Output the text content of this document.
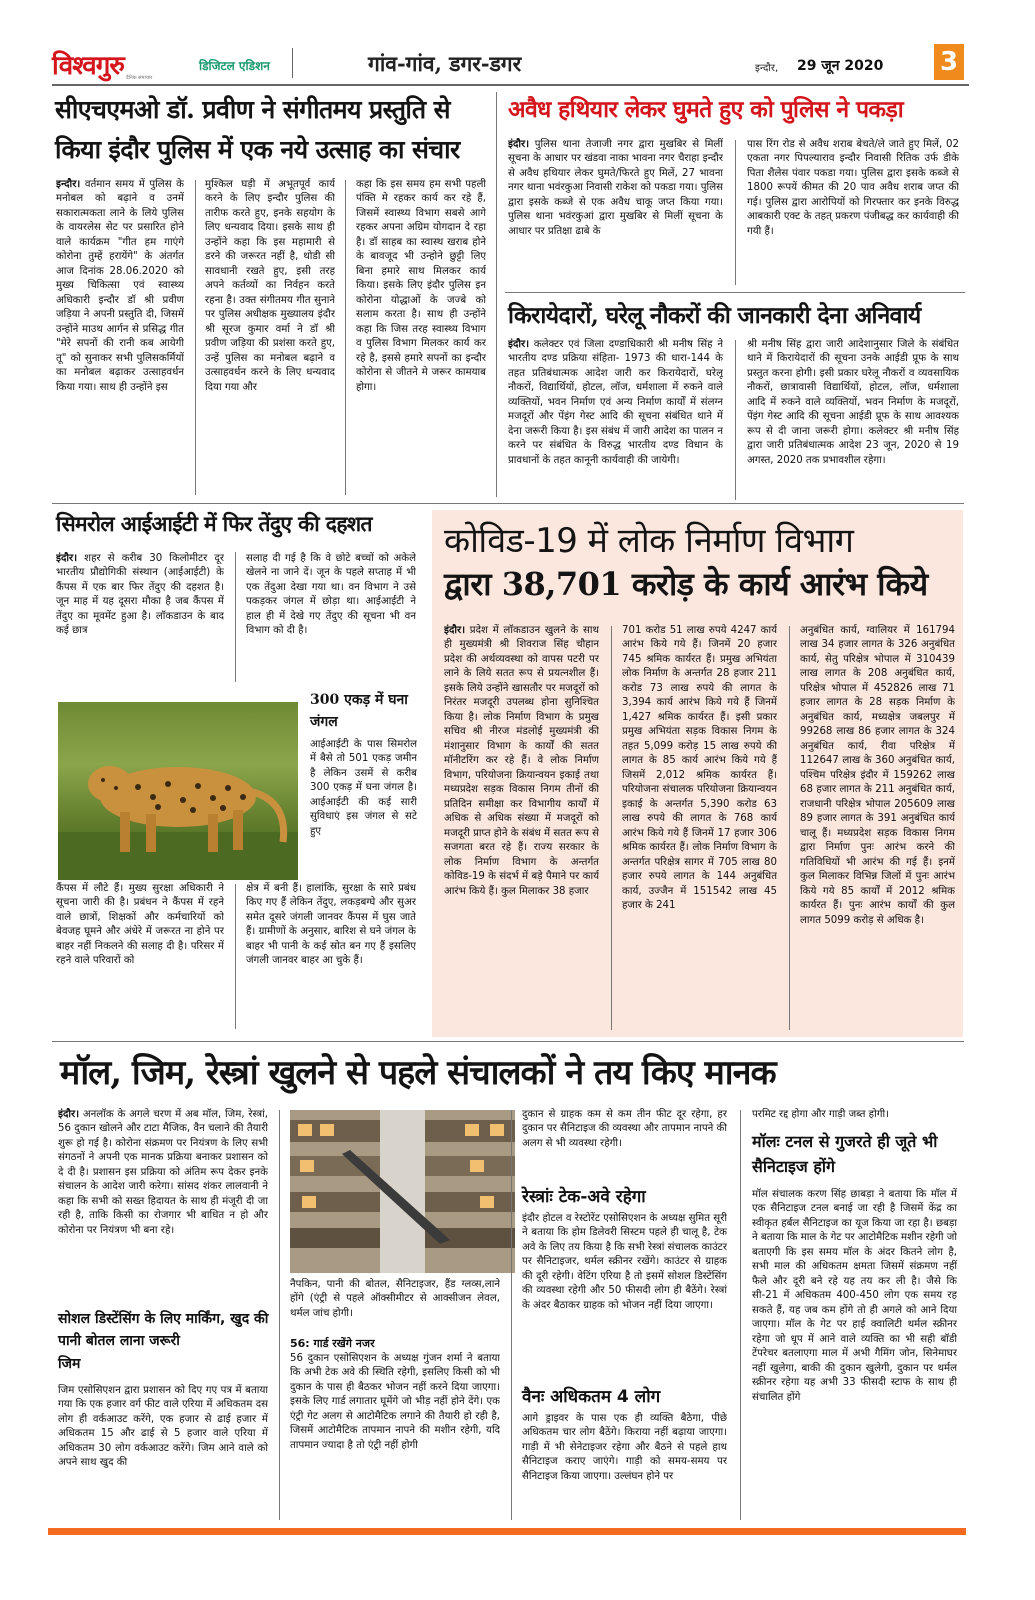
विश्वगुरु दैनिक समाचार
डिजिटल एडिशन	गांव-गांव, डगर-डगर	इन्दौर, 29 जून 2020 3
सीएचएमओ डॉ. प्रवीण ने संगीतमय प्रस्तुति से
किया इंदौर पुलिस में एक नये उत्साह का संचार
इन्दौर। वर्तमान समय में पुलिस के मनोबल को बढ़ाने व उनमें सकारात्मकता लाने के लिये पुलिस के वायरलेस सेट पर प्रसारित होने वाले कार्यक्रम "गीत हम गाएंगे कोरोना तुम्हें हरायेंगे" के अंतर्गत आज दिनांक 28.06.2020 को मुख्य चिकित्सा एवं स्वास्थ्य अधिकारी इन्दौर डॉ श्री प्रवीण जड़िया ने अपनी प्रस्तुति दी, जिसमें उन्होंने माउथ आर्गन से प्रसिद्ध गीत "मेरे सपनों की रानी कब आयेगी तू" को सुनाकर सभी पुलिसकर्मियों का मनोबल बढ़ाकर उत्साहवर्धन किया गया। साथ ही उन्होंने इस
मुश्किल घड़ी में अभूतपूर्व कार्य करने के लिए इन्दौर पुलिस की तारीफ करते हुए, इनके सहयोग के लिए धन्यवाद दिया। इसके साथ ही उन्होंने कहा कि इस महामारी से डरने की जरूरत नहीं है, थोडी सी सावधानी रखते हुए, इसी तरह अपने कर्तव्यों का निर्वहन करते रहना है। उक्त संगीतमय गीत सुनाने पर पुलिस अधीक्षक मुख्यालय इंदौर श्री सूरज कुमार वर्मा ने डॉ श्री प्रवीण जड़िया की प्रशंसा करते हुए, उन्हें पुलिस का मनोबल बढ़ाने व उत्साहवर्धन करने के लिए धन्यवाद दिया गया और
कहा कि इस समय हम सभी पहली पंक्ति मे रहकर कार्य कर रहे हैं, जिसमें स्वास्थ्य विभाग सबसे आगे रहकर अपना अग्रिम योगदान दे रहा है। डॉ साहब का स्वास्थ खराब होने के बावजूद भी उन्होने छुट्टी लिए बिना हमारे साथ मिलकर कार्य किया। इसके लिए इंदौर पुलिस इन कोरोना योद्धाओं के जज्बे को सलाम करता है। साथ ही उन्होंने कहा कि जिस तरह स्वास्थ्य विभाग व पुलिस विभाग मिलकर कार्य कर रहे है, इससे हमारे सपनों का इन्दौर कोरोना से जीतने मे जरूर कामयाब होगा।
अवैध हथियार लेकर घुमते हुए को पुलिस ने पकड़ा
इंदौर। पुलिस थाना तेजाजी नगर द्वारा मुखबिर से मिलीं सूचना के आधार पर खंडवा नाका भावना नगर चैराहा इन्दौर से अवैध हथियार लेकर घुमते/फिरते हुए मिलें, 27 भावना नगर थाना भवंरकुआ निवासी राकेश को पकडा गया। पुलिस द्वारा इसके कब्जे से एक अवैध चाकू जप्त किया गया। पुलिस थाना भवंरकुआं द्वारा मुखबिर से मिलीं सूचना के आधार पर प्रतिक्षा ढाबे के
पास रिंग रोड से अवैध शराब बेचते/ले जाते हुए मिलें, 02 एकता नगर पिपल्याराव इन्दौर निवासी रितिक उर्फ डीके पिता शैलेस पंवार पकडा गया। पुलिस द्वारा इसके कब्जे से 1800 रूपयें कीमत की 20 पाव अवैध शराब जप्त की गई। पुलिस द्वारा आरोपियों को गिरफ्तार कर इनके विरुद्ध आबकारी एक्ट के तहत् प्रकरण पंजीबद्ध कर कार्यवाही की गयी हैं।
किरायेदारों, घरेलू नौकरों की जानकारी देना अनिवार्य
इंदौर। कलेक्टर एवं जिला दण्डाधिकारी श्री मनीष सिंह ने भारतीय दण्ड प्रक्रिया संहिता- 1973 की धारा-144 के तहत प्रतिबंधात्मक आदेश जारी कर किरायेदारों, घरेलू नौकरों, विद्यार्थियों, होटल, लॉज, धर्मशाला में रुकने वाले व्यक्तियों, भवन निर्माण एवं अन्य निर्माण कार्यों में संलग्न मजदूरों और पेंइंग गेस्ट आदि की सूचना संबंधित थाने में देना जरूरी किया है। इस संबंध में जारी आदेश का पालन न करने पर संबंधित के विरुद्ध भारतीय दण्ड विधान के प्रावधानों के तहत कानूनी कार्यवाही की जायेगी।
श्री मनीष सिंह द्वारा जारी आदेशानुसार जिले के संबंधित थाने में किरायेदारों की सूचना उनके आईडी प्रूफ के साथ प्रस्तुत करना होगी। इसी प्रकार घरेलू नौकरों व व्यवसायिक नौकरों, छात्रावासी विद्यार्थियों, होटल, लॉज, धर्मशाला आदि में रुकने वाले व्यक्तियों, भवन निर्माण के मजदूरों, पेंइंग गेस्ट आदि की सूचना आईडी प्रूफ के साथ आवश्यक रूप से दी जाना जरूरी होगा। कलेक्टर श्री मनीष सिंह द्वारा जारी प्रतिबंधात्मक आदेश 23 जून, 2020 से 19 अगस्त, 2020 तक प्रभावशील रहेगा।
सिमरोल आईआईटी में फिर तेंदुए की दहशत
इंदौर। शहर से करीब 30 किलोमीटर दूर भारतीय प्रौद्योगिकी संस्थान (आईआईटी) के कैंपस में एक बार फिर तेंदुए की दहशत है। जून माह में यह दूसरा मौका है जब कैंपस में तेंदुए का मूवमेंट हुआ है। लॉकडाउन के बाद कई छात्र
सलाह दी गई है कि वे छोटे बच्चों को अकेले खेलने ना जाने दें। जून के पहले सप्ताह में भी एक तेंदुआ देखा गया था। वन विभाग ने उसे पकड़कर जंगल में छोड़ा था। आईआईटी ने हाल ही में देखे गए तेंदुए की सूचना भी वन विभाग को दी है।
300 एकड़ में घना जंगल
आईआईटी के पास सिमरोल में बैसे तो 501 एकड़ जमीन है लेकिन उसमें से करीब 300 एकड़ में घना जंगल है। आईआईटी की कई सारी सुविधाएं इस जंगल से सटे हुए
कैंपस में लौटे हैं। मुख्य सुरक्षा अधिकारी ने सूचना जारी की है। प्रबंधन ने कैंपस में रहने वाले छात्रों, शिक्षकों और कर्मचारियों को बेवजह घूमने और अंधेरे में जरूरत ना होने पर बाहर नहीं निकलने की सलाह दी है। परिसर में रहने वाले परिवारों को
क्षेत्र में बनी हैं। हालांकि, सुरक्षा के सारे प्रबंध किए गए हैं लेकिन तेंदुए, लकड़बग्घे और सुअर समेत दूसरे जंगली जानवर कैंपस में घुस जाते हैं। ग्रामीणों के अनुसार, बारिश से घने जंगल के बाहर भी पानी के कई स्रोत बन गए हैं इसलिए जंगली जानवर बाहर आ चुके हैं।
कोविड-19 में लोक निर्माण विभाग
द्वारा 38,701 करोड़ के कार्य आरंभ किये
इंदौर। प्रदेश में लॉकडाउन खुलने के साथ ही मुख्यमंत्री श्री शिवराज सिंह चौहान प्रदेश की अर्थव्यवस्था को वापस पटरी पर लाने के लिये सतत रूप से प्रयत्नशील हैं। इसके लिये उन्होंने खासतौर पर मजदूरों को निरंतर मजदूरी उपलब्ध होना सुनिश्चित किया है। लोक निर्माण विभाग के प्रमुख सचिव श्री नीरज मंडलोई मुख्यमंत्री की मंशानुसार विभाग के कार्यों की सतत मॉनीटरिंग कर रहे हैं। वे लोक निर्माण विभाग, परियोजना क्रियान्वयन इकाई तथा मध्यप्रदेश सड़क विकास निगम तीनों की प्रतिदिन समीक्षा कर विभागीय कार्यों में अधिक से अधिक संख्या में मजदूरों को मजदूरी प्राप्त होने के संबंध में सतत रूप से सजगता बरत रहे हैं। राज्य सरकार के लोक निर्माण विभाग के अन्तर्गत कोविड-19 के संदर्भ में बड़े पैमाने पर कार्य आरंभ किये हैं। कुल मिलाकर 38 हजार
701 करोड 51 लाख रुपये 4247 कार्य आरंभ किये गये हैं। जिनमें 20 हजार 745 श्रमिक कार्यरत हैं। प्रमुख अभियंता लोक निर्माण के अन्तर्गत 28 हजार 211 करोड 73 लाख रुपये की लागत के 3,394 कार्य आरंभ किये गये हैं जिनमें 1,427 श्रमिक कार्यरत हैं। इसी प्रकार प्रमुख अभियंता सड़क विकास निगम के तहत 5,099 करोड़ 15 लाख रुपये की लागत के 85 कार्य आरंभ किये गये हैं जिसमें 2,012 श्रमिक कार्यरत हैं। परियोजना संचालक परियोजना क्रियान्वयन इकाई के अन्तर्गत 5,390 करोड 63 लाख रुपये की लागत के 768 कार्य आरंभ किये गये हैं जिनमें 17 हजार 306 श्रमिक कार्यरत हैं। लोक निर्माण विभाग के अन्तर्गत परिक्षेत्र सागर में 705 लाख 80 हजार रुपये लागत के 144 अनुबंधित कार्य, उज्जैन में 151542 लाख 45 हजार के 241
अनुबंधित कार्य, ग्वालियर में 161794 लाख 34 हजार लागत के 326 अनुबंधित कार्य, सेतु परिक्षेत्र भोपाल में 310439 लाख लागत के 208 अनुबंधित कार्य, परिक्षेत्र भोपाल में 452826 लाख 71 हजार लागत के 28 सड़क निर्माण के अनुबंधित कार्य, मध्यक्षेत्र जबलपुर में 99268 लाख 86 हजार लागत के 324 अनुबंधित कार्य, रीवा परिक्षेत्र में 112647 लाख के 360 अनुबंधित कार्य, पश्चिम परिक्षेत्र इंदौर में 159262 लाख 68 हजार लागत के 211 अनुबंधित कार्य, राजधानी परिक्षेत्र भोपाल 205609 लाख 89 हजार लागत के 391 अनुबंधित कार्य चालू हैं। मध्यप्रदेश सड़क विकास निगम द्वारा निर्माण पुनः आरंभ करने की गतिविधियों भी आरंभ की गई हैं। इनमें कुल मिलाकर विभिन्न जिलों में पुनः आरंभ किये गये 85 कार्यों में 2012 श्रमिक कार्यरत हैं। पुनः आरंभ कार्यों की कुल लागत 5099 करोड़ से अधिक है।
मॉल, जिम, रेस्त्रां खुलने से पहले संचालकों ने तय किए मानक
इंदौर। अनलॉक के अगले चरण में अब मॉल, जिम, रेस्त्रां, 56 दुकान खोलने और टाटा मैजिक, वैन चलाने की तैयारी शुरू हो गई है। कोरोना संक्रमण पर नियंत्रण के लिए सभी संगठनों ने अपनी एक मानक प्रक्रिया बनाकर प्रशासन को दे दी है। प्रशासन इस प्रक्रिया को अंतिम रूप देकर इनके संचालन के आदेश जारी करेगा। सांसद शंकर लालवानी ने कहा कि सभी को सख्त हिदायत के साथ ही मंजूरी दी जा रही है, ताकि किसी का रोजगार भी बाधित न हो और कोरोना पर नियंत्रण भी बना रहे।
सोशल डिस्टेंसिंग के लिए मार्किंग, खुद की पानी बोतल लाना जरूरी
जिम
जिम एसोसिएशन द्वारा प्रशासन को दिए गए पत्र में बताया गया कि एक हजार वर्ग फीट वाले एरिया में अधिकतम दस लोग ही वर्कआउट करेंगे, एक हजार से ढाई हजार में अधिकतम 15 और ढाई से 5 हजार वाले एरिया में अधिकतम 30 लोग वर्कआउट करेंगे। जिम आने वाले को अपने साथ खुद की
नैपकिन, पानी की बोतल, सैनिटाइजर, हैंड ग्लव्स,लाने होंगे (एंट्री से पहले ऑक्सीमीटर से आक्सीजन लेवल, थर्मल जांच होगी।
56: गार्ड रखेंगे नजर
56 दुकान एसोसिएशन के अध्यक्ष गुंजन शर्मा ने बताया कि अभी टेक अवे की स्थिति रहेगी, इसलिए किसी को भी दुकान के पास ही बैठकर भोजन नहीं करने दिया जाएगा। इसके लिए गार्ड लगातार घूमेंगे जो भीड़ नहीं होने देंगे। एक एंट्री गेट अलग से आटोमैटिक लगाने की तैयारी हो रही है, जिसमें आटोमैटिक तापमान नापने की मशीन रहेगी, यदि तापमान ज्यादा है तो एंट्री नहीं होगी
दुकान से ग्राहक कम से कम तीन फीट दूर रहेगा, हर दुकान पर सैनिटाइज की व्यवस्था और तापमान नापने की अलग से भी व्यवस्था रहेगी।
रेस्त्रांः टेक-अवे रहेगा
इंदौर होटल व रेस्टोरेंट एसोसिएशन के अध्यक्ष सुमित सूरी ने बताया कि होम डिलेवरी सिस्टम पहले ही चालू है, टेक अवे के लिए तय किया है कि सभी रेस्त्रां संचालक काउंटर पर सैनिटाइजर, थर्मल स्क्रीनर रखेंगे। काउंटर से ग्राहक की दूरी रहेगी। वेटिंग एरिया है तो इसमें सोशल डिस्टेंसिंग की व्यवस्था रहेगी और 50 फीसदी लोग ही बैठेंगे। रेस्त्रां के अंदर बैठाकर ग्राहक को भोजन नहीं दिया जाएगा।
वैनः अधिकतम 4 लोग
आगे ड्राइवर के पास एक ही व्यक्ति बैठेगा, पीछे अधिकतम चार लोग बैठेंगे। किराया नहीं बढ़ाया जाएगा। गाड़ी में भी सेनेटाइजर रहेगा और बैठने से पहले हाथ सैनिटाइज कराए जाएंगे। गाड़ी को समय-समय पर सैनिटाइज किया जाएगा। उल्लंघन होने पर
परमिट रद्द होगा और गाड़ी जब्त होगी।
मॉलः टनल से गुजरते ही जूते भी सैनिटाइज होंगे
मॉल संचालक करण सिंह छाबड़ा ने बताया कि मॉल में एक सैनिटाइज टनल बनाई जा रही है जिसमें केंद्र का स्वीकृत हर्बल सैनिटाइज का यूज किया जा रहा है। छबड़ा ने बताया कि माल के गेट पर आटोमैटिक मशीन रहेगी जो बताएगी कि इस समय मॉल के अंदर कितने लोग है, सभी माल की अधिकतम क्षमता जिसमें संक्रमण नहीं फैले और दूरी बने रहे यह तय कर ली है। जैसे कि सी-21 में अधिकतम 400-450 लोग एक समय रह सकते हैं, यह जब कम होंगे तो ही अगले को आने दिया जाएगा। मॉल के गेट पर हाई क्वालिटी थर्मल स्क्रीनर रहेगा जो धूप में आने वाले व्यक्ति का भी सही बॉडी टेंपरेचर बतलाएगा माल में अभी गैमिंग जोन, सिनेमाघर नहीं खुलेगा, बाकी की दुकान खुलेगी, दुकान पर थर्मल स्क्रीनर रहेगा यह अभी 33 फीसदी स्टाफ के साथ ही संचालित होंगे
